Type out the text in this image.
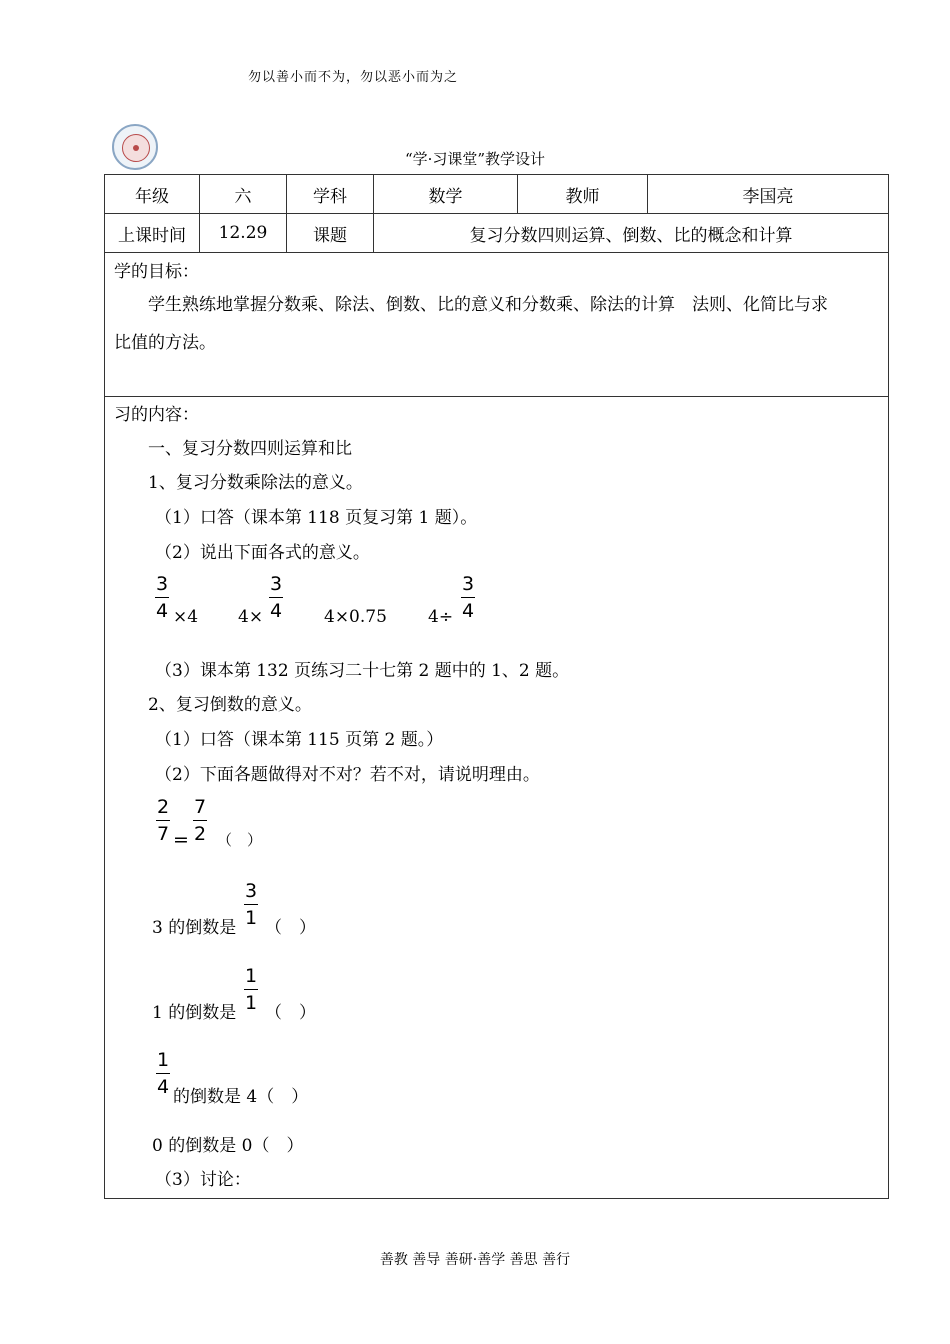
勿以善小而不为，勿以恶小而为之
“学·习课堂”教学设计
年级	六	学科	数学	教师	李国亮
上课时间	12.29	课题	复习分数四则运算、倒数、比的概念和计算		
学的目标：
学生熟练地掌握分数乘、除法、倒数、比的意义和分数乘、除法的计算　法则、化简比与求
比值的方法。
习的内容：
一、复习分数四则运算和比
1、复习分数乘除法的意义。
（1）口答（课本第 118 页复习第 1 题）。
（2）说出下面各式的意义。
$\frac{3}{4} \times 4$ $4\times \frac{3}{4} 4\times 0.75$ $4\div \frac{3}{4}$
（3）课本第 132 页练习二十七第 2 题中的 1、2 题。
2、复习倒数的意义。
（1）口答（课本第 115 页第 2 题。）
（2）下面各题做得对不对？若不对，请说明理由。
$\frac{2}{7} = \frac{7}{2}$ （　）
3 的倒数是 $\frac{3}{1}$ （　）
1 的倒数是 $\frac{1}{1}$ （　）
$\frac{1}{4}$ 的倒数是 4（　）
0 的倒数是 0（　）
（3）讨论：
善教 善导 善研·善学 善思 善行
